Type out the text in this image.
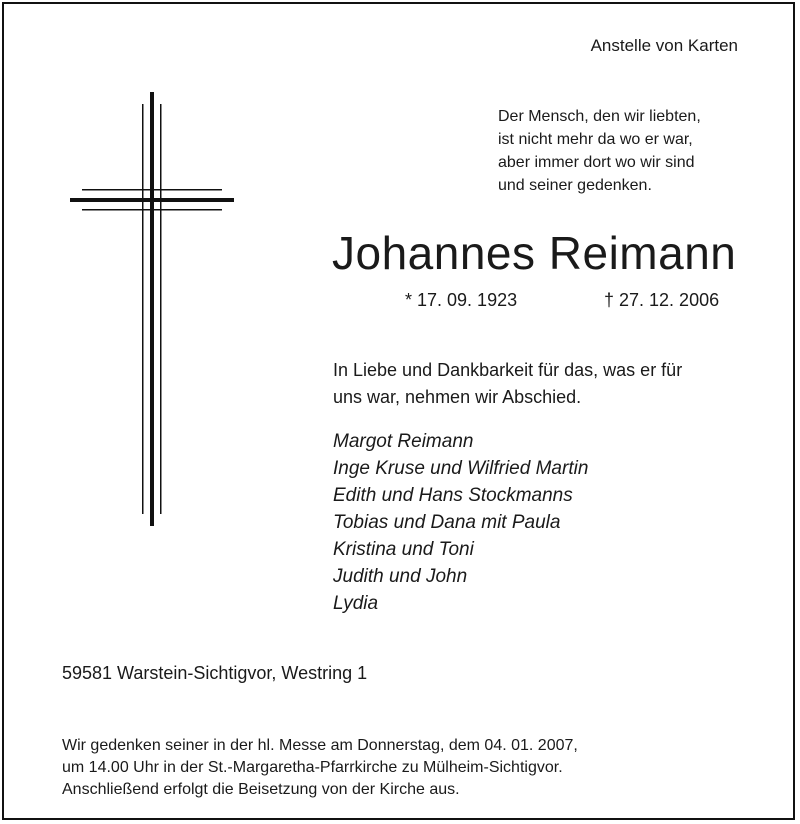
Anstelle von Karten
Der Mensch, den wir liebten,
ist nicht mehr da wo er war,
aber immer dort wo wir sind
und seiner gedenken.
Johannes Reimann
* 17. 09. 1923	† 27. 12. 2006
In Liebe und Dankbarkeit für das, was er für
uns war, nehmen wir Abschied.
Margot Reimann
Inge Kruse und Wilfried Martin
Edith und Hans Stockmanns
Tobias und Dana mit Paula
Kristina und Toni
Judith und John
Lydia
59581 Warstein-Sichtigvor, Westring 1
Wir gedenken seiner in der hl. Messe am Donnerstag, dem 04. 01. 2007,
um 14.00 Uhr in der St.-Margaretha-Pfarrkirche zu Mülheim-Sichtigvor.
Anschließend erfolgt die Beisetzung von der Kirche aus.
